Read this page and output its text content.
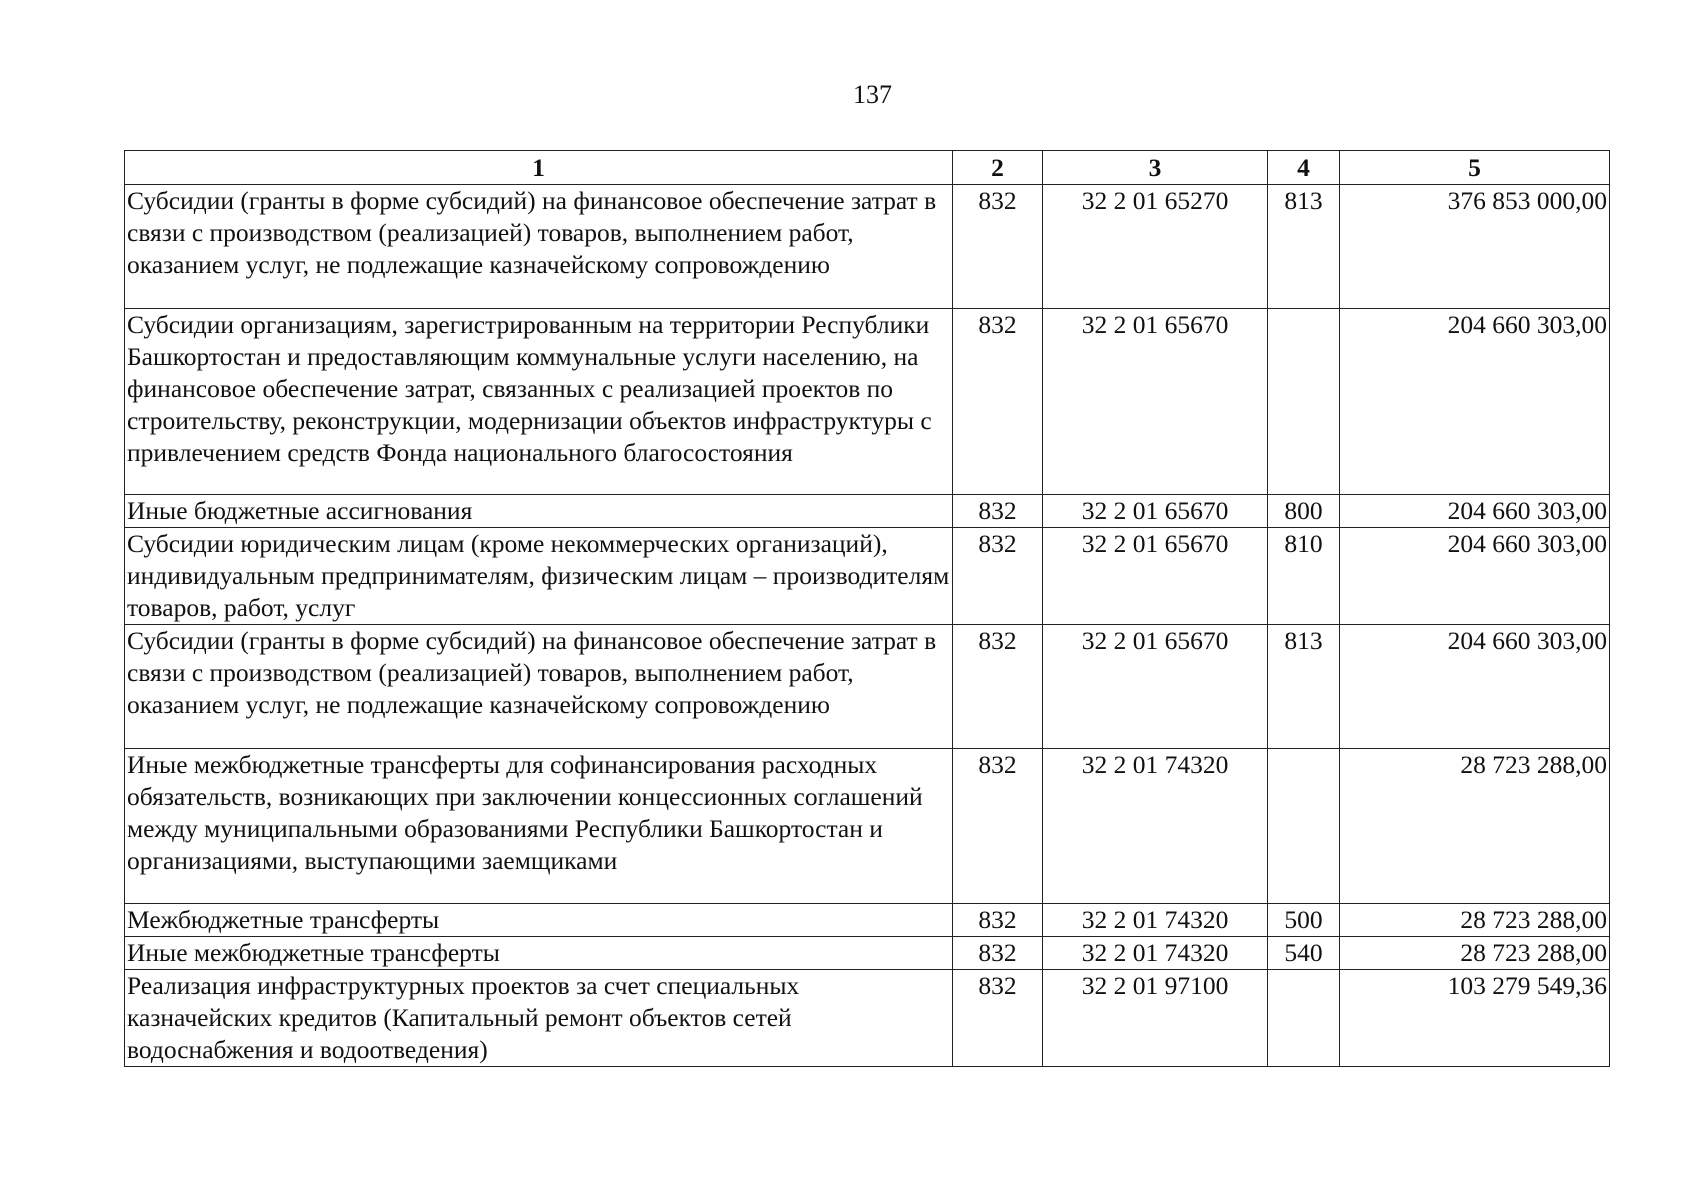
137
1	2	3	4	5
Субсидии (гранты в форме субсидий) на финансовое обеспечение затрат в связи с производством (реализацией) товаров, выполнением работ, оказанием услуг, не подлежащие казначейскому сопровождению	832	32 2 01 65270	813	376 853 000,00
Субсидии организациям, зарегистрированным на территории Республики Башкортостан и предоставляющим коммунальные услуги населению, на финансовое обеспечение затрат, связанных с реализацией проектов по строительству, реконструкции, модернизации объектов инфраструктуры с привлечением средств Фонда национального благосостояния	832	32 2 01 65670		204 660 303,00
Иные бюджетные ассигнования	832	32 2 01 65670	800	204 660 303,00
Субсидии юридическим лицам (кроме некоммерческих организаций), индивидуальным предпринимателям, физическим лицам – производителям товаров, работ, услуг	832	32 2 01 65670	810	204 660 303,00
Субсидии (гранты в форме субсидий) на финансовое обеспечение затрат в связи с производством (реализацией) товаров, выполнением работ, оказанием услуг, не подлежащие казначейскому сопровождению	832	32 2 01 65670	813	204 660 303,00
Иные межбюджетные трансферты для софинансирования расходных обязательств, возникающих при заключении концессионных соглашений между муниципальными образованиями Республики Башкортостан и организациями, выступающими заемщиками	832	32 2 01 74320		28 723 288,00
Межбюджетные трансферты	832	32 2 01 74320	500	28 723 288,00
Иные межбюджетные трансферты	832	32 2 01 74320	540	28 723 288,00
Реализация инфраструктурных проектов за счет специальных казначейских кредитов (Капитальный ремонт объектов сетей водоснабжения и водоотведения)	832	32 2 01 97100		103 279 549,36
